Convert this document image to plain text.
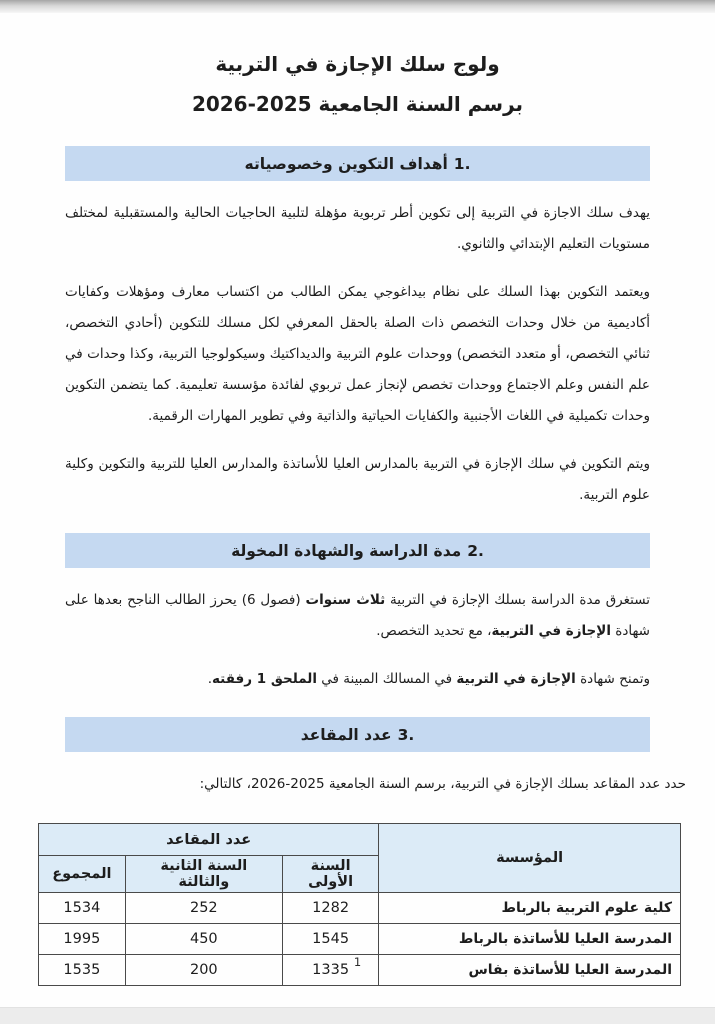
ولوج سلك الإجازة في التربية
برسم السنة الجامعية 2025-2026
1.
أهداف التكوين وخصوصياته

يهدف سلك الاجازة في التربية إلى تكوين أطر تربوية مؤهلة لتلبية الحاجيات الحالية والمستقبلية لمختلف مستويات التعليم الإبتدائي والثانوي.

ويعتمد التكوين بهذا السلك على نظام بيداغوجي يمكن الطالب من اكتساب معارف ومؤهلات وكفايات أكاديمية من خلال وحدات التخصص ذات الصلة بالحقل المعرفي لكل مسلك للتكوين (أحادي التخصص، ثنائي التخصص، أو متعدد التخصص) ووحدات علوم التربية والديداكتيك وسيكولوجيا التربية، وكذا وحدات في علم النفس وعلم الاجتماع ووحدات تخصص لإنجاز عمل تربوي لفائدة مؤسسة تعليمية. كما يتضمن التكوين وحدات تكميلية في اللغات الأجنبية والكفايات الحياتية والذاتية وفي تطوير المهارات الرقمية.

ويتم التكوين في سلك الإجازة في التربية بالمدارس العليا للأساتذة والمدارس العليا للتربية والتكوين وكلية علوم التربية.

2.
مدة الدراسة والشهادة المخولة

تستغرق مدة الدراسة بسلك الإجازة في التربية ثلاث سنوات (6 فصول) يحرز الطالب الناجح بعدها على شهادة الإجازة في التربية، مع تحديد التخصص.

وتمنح شهادة الإجازة في التربية في المسالك المبينة في الملحق 1 رفقته.

3.
عدد المقاعد

حدد عدد المقاعد بسلك الإجازة في التربية، برسم السنة الجامعية 2025-2026، كالتالي:

المؤسسة	عدد المقاعد		
	السنة الأولى	السنة الثانية والثالثة	المجموع
كلية علوم التربية بالرباط	1282	252	1534
المدرسة العليا للأساتذة بالرباط	1545	450	1995
المدرسة العليا للأساتذة بفاس	1335	200	1535	1
